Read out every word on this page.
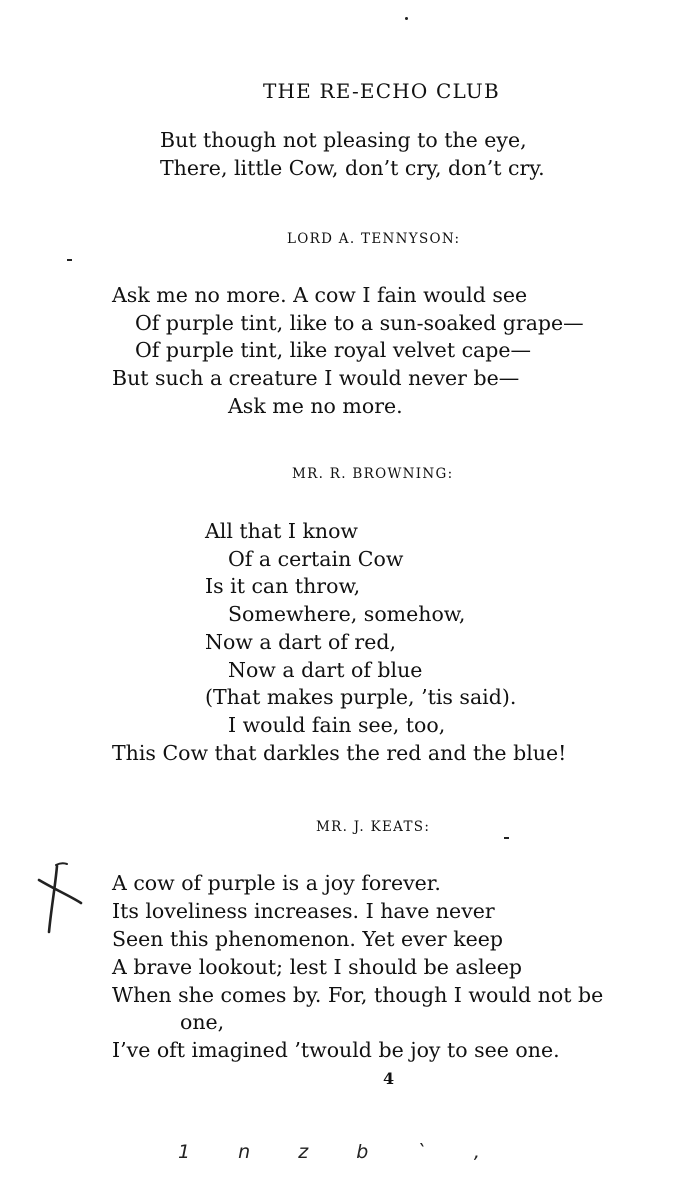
THE RE-ECHO CLUB
But though not pleasing to the eye,
There, little Cow, don’t cry, don’t cry.
LORD A. TENNYSON:
Ask me no more. A cow I fain would see
Of purple tint, like to a sun-soaked grape—
Of purple tint, like royal velvet cape—
But such a creature I would never be—
Ask me no more.
MR. R. BROWNING:
All that I know
Of a certain Cow
Is it can throw,
Somewhere, somehow,
Now a dart of red,
Now a dart of blue
(That makes purple, ’tis said).
I would fain see, too,
This Cow that darkles the red and the blue!
MR. J. KEATS:
A cow of purple is a joy forever.
Its loveliness increases. I have never
Seen this phenomenon. Yet ever keep
A brave lookout; lest I should be asleep
When she comes by. For, though I would not be
one,
I’ve oft imagined ’twould be joy to see one.
4
1 n z b ˋ ,
